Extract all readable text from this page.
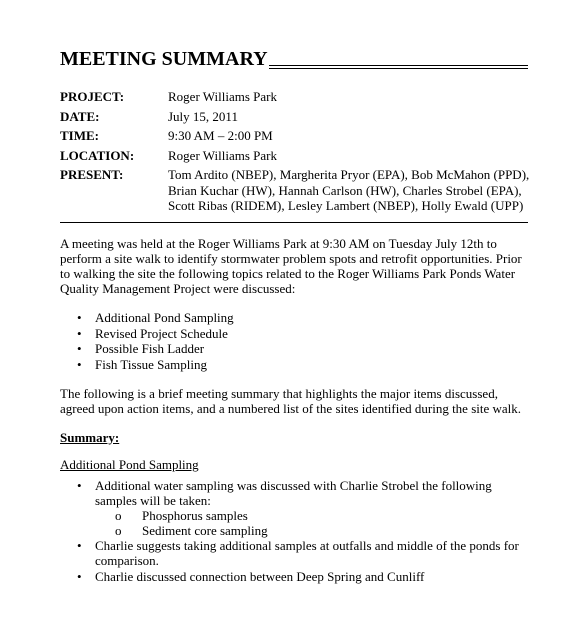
MEETING SUMMARY
PROJECT:	Roger Williams Park
DATE:	July 15, 2011
TIME:	9:30 AM – 2:00 PM
LOCATION:	Roger Williams Park
PRESENT:	Tom Ardito (NBEP), Margherita Pryor (EPA), Bob McMahon (PPD), Brian Kuchar (HW), Hannah Carlson (HW), Charles Strobel (EPA), Scott Ribas (RIDEM), Lesley Lambert (NBEP), Holly Ewald (UPP)

A meeting was held at the Roger Williams Park at 9:30 AM on Tuesday July 12th to perform a site walk to identify stormwater problem spots and retrofit opportunities. Prior to walking the site the following topics related to the Roger Williams Park Ponds Water Quality Management Project were discussed:

• Additional Pond Sampling
• Revised Project Schedule
• Possible Fish Ladder
• Fish Tissue Sampling

The following is a brief meeting summary that highlights the major items discussed, agreed upon action items, and a numbered list of the sites identified during the site walk.

Summary:

Additional Pond Sampling

• Additional water sampling was discussed with Charlie Strobel the following samples will be taken:
o Phosphorus samples
o Sediment core sampling
• Charlie suggests taking additional samples at outfalls and middle of the ponds for comparison.
• Charlie discussed connection between Deep Spring and Cunliff
